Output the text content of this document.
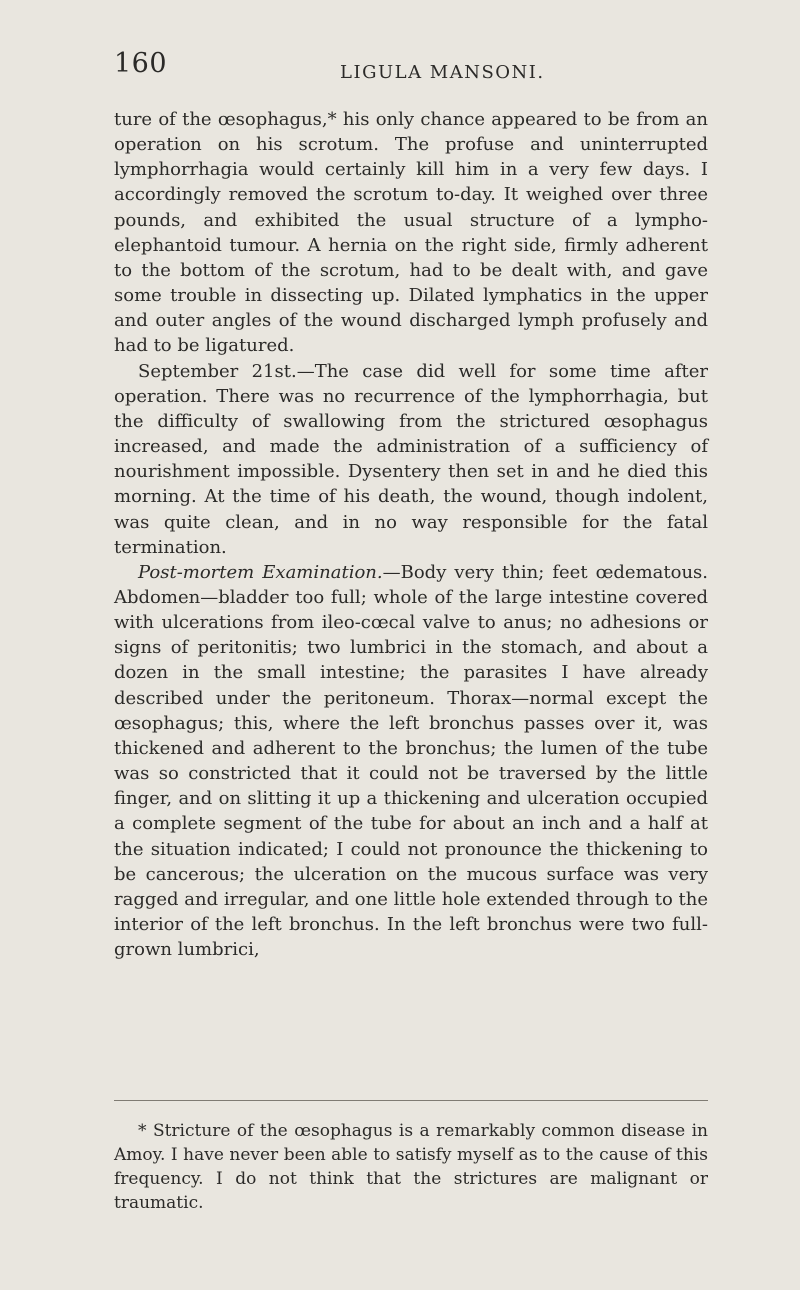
160	LIGULA MANSONI.

ture of the œsophagus,* his only chance appeared to be from an operation on his scrotum. The profuse and uninterrupted lymphorrhagia would certainly kill him in a very few days. I accordingly removed the scrotum to-day. It weighed over three pounds, and exhibited the usual structure of a lympho-elephantoid tumour. A hernia on the right side, firmly adherent to the bottom of the scrotum, had to be dealt with, and gave some trouble in dissecting up. Dilated lymphatics in the upper and outer angles of the wound discharged lymph profusely and had to be ligatured.

September 21st.—The case did well for some time after operation. There was no recurrence of the lymphorrhagia, but the difficulty of swallowing from the strictured œsophagus increased, and made the administration of a sufficiency of nourishment impossible. Dysentery then set in and he died this morning. At the time of his death, the wound, though indolent, was quite clean, and in no way responsible for the fatal termination.

Post-mortem Examination.—Body very thin; feet œdematous. Abdomen—bladder too full; whole of the large intestine covered with ulcerations from ileo-cœcal valve to anus; no adhesions or signs of peritonitis; two lumbrici in the stomach, and about a dozen in the small intestine; the parasites I have already described under the peritoneum. Thorax—normal except the œsophagus; this, where the left bronchus passes over it, was thickened and adherent to the bronchus; the lumen of the tube was so constricted that it could not be traversed by the little finger, and on slitting it up a thickening and ulceration occupied a complete segment of the tube for about an inch and a half at the situation indicated; I could not pronounce the thickening to be cancerous; the ulceration on the mucous surface was very ragged and irregular, and one little hole extended through to the interior of the left bronchus. In the left bronchus were two full-grown lumbrici,

* Stricture of the œsophagus is a remarkably common disease in Amoy. I have never been able to satisfy myself as to the cause of this frequency. I do not think that the strictures are malignant or traumatic.
